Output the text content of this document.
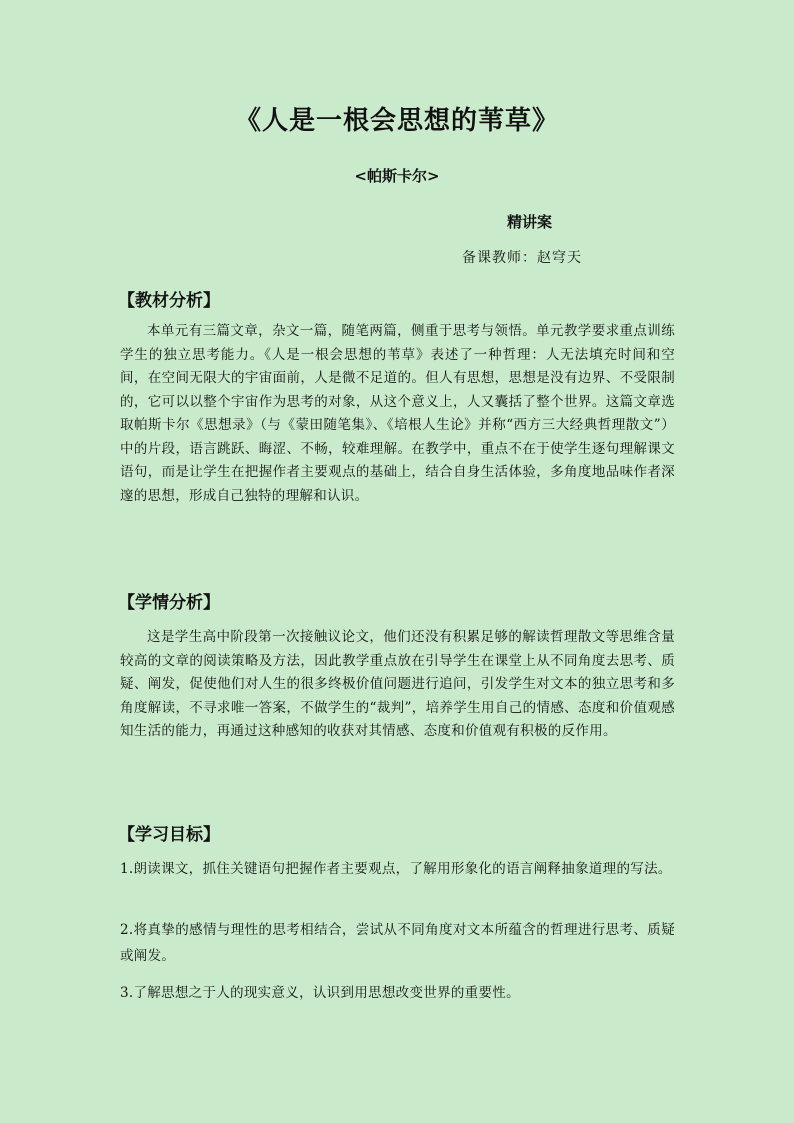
《人是一根会思想的苇草》
<帕斯卡尔>
精讲案
备课教师：赵穹天
【教材分析】
本单元有三篇文章，杂文一篇，随笔两篇，侧重于思考与领悟。单元教学要求重点训练学生的独立思考能力。《人是一根会思想的苇草》表述了一种哲理：人无法填充时间和空间，在空间无限大的宇宙面前，人是微不足道的。但人有思想，思想是没有边界、不受限制的，它可以以整个宇宙作为思考的对象，从这个意义上，人又囊括了整个世界。这篇文章选取帕斯卡尔《思想录》（与《蒙田随笔集》、《培根人生论》并称“西方三大经典哲理散文”）中的片段，语言跳跃、晦涩、不畅，较难理解。在教学中，重点不在于使学生逐句理解课文语句，而是让学生在把握作者主要观点的基础上，结合自身生活体验，多角度地品味作者深邃的思想，形成自己独特的理解和认识。
【学情分析】
这是学生高中阶段第一次接触议论文，他们还没有积累足够的解读哲理散文等思维含量较高的文章的阅读策略及方法，因此教学重点放在引导学生在课堂上从不同角度去思考、质疑、阐发，促使他们对人生的很多终极价值问题进行追问，引发学生对文本的独立思考和多角度解读，不寻求唯一答案，不做学生的“裁判”，培养学生用自己的情感、态度和价值观感知生活的能力，再通过这种感知的收获对其情感、态度和价值观有积极的反作用。
【学习目标】
1.朗读课文，抓住关键语句把握作者主要观点，了解用形象化的语言阐释抽象道理的写法。
2.将真挚的感情与理性的思考相结合，尝试从不同角度对文本所蕴含的哲理进行思考、质疑或阐发。
3.了解思想之于人的现实意义，认识到用思想改变世界的重要性。
